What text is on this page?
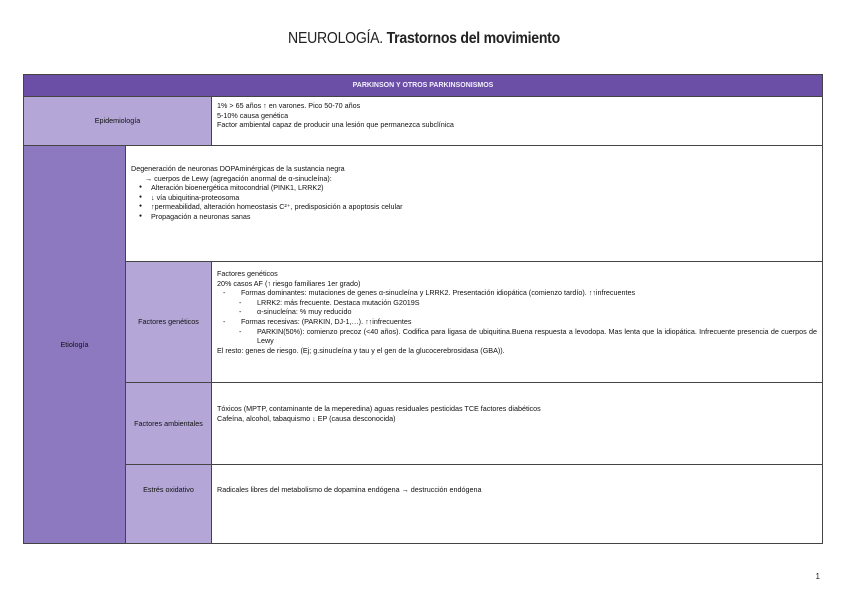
NEUROLOGÍA. Trastornos del movimiento
PARKINSON Y OTROS PARKINSONISMOS
Epidemiología

1% > 65 años ↑ en varones. Pico 50-70 años

5-10% causa genética

Factor ambiental capaz de producir una lesión que permanezca subclínica

Etiología

Degeneración de neuronas DOPAminérgicas de la sustancia negra

→ cuerpos de Lewy (agregación anormal de α-sinucleína):

● Alteración bioenergética mitocondrial (PINK1, LRRK2)
● ↓ vía ubiquitina-proteosoma
● ↑permeabilidad, alteración homeostasis C²⁺, predisposición a apoptosis celular
● Propagación a neuronas sanas
Factores genéticos

Factores genéticos

20% casos AF (↑ riesgo familiares 1er grado)

- Formas dominantes: mutaciones de genes α-sinucleína y LRRK2. Presentación idiopática (comienzo tardío). ↑↑infrecuentes

- LRRK2: más frecuente. Destaca mutación G2019S

- α-sinucleína: % muy reducido

- Formas recesivas: (PARKIN, DJ-1,…). ↑↑infrecuentes

- PARKIN(50%): comienzo precoz (<40 años). Codifica para ligasa de ubiquitina.Buena respuesta a levodopa. Mas lenta que la idiopática. Infrecuente presencia de cuerpos de Lewy

El resto: genes de riesgo. (Ej; g.sinucleína y tau y el gen de la glucocerebrosidasa (GBA)).

Factores ambientales

Tóxicos (MPTP, contaminante de la meperedina) aguas residuales pesticidas TCE factores diabéticos

Cafeína, alcohol, tabaquismo ↓ EP (causa desconocida)

Estrés oxidativo	Radicales libres del metabolismo de dopamina endógena → destrucción endógena

1
